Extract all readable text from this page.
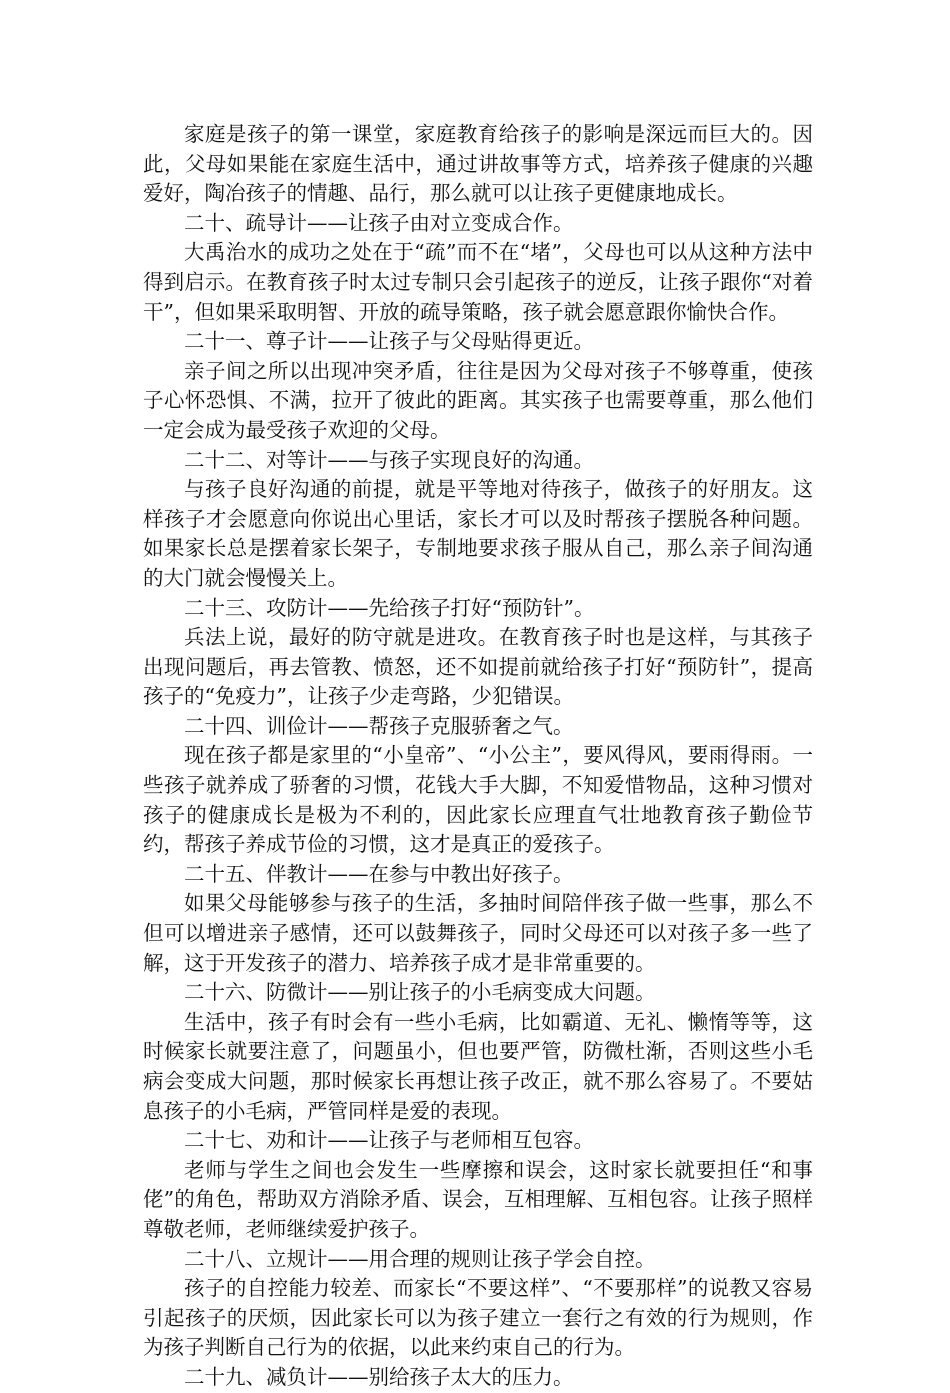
家庭是孩子的第一课堂，家庭教育给孩子的影响是深远而巨大的。因此，父母如果能在家庭生活中，通过讲故事等方式，培养孩子健康的兴趣爱好，陶冶孩子的情趣、品行，那么就可以让孩子更健康地成长。

二十、疏导计——让孩子由对立变成合作。

大禹治水的成功之处在于“疏”而不在“堵”，父母也可以从这种方法中得到启示。在教育孩子时太过专制只会引起孩子的逆反，让孩子跟你“对着干”，但如果采取明智、开放的疏导策略，孩子就会愿意跟你愉快合作。

二十一、尊子计——让孩子与父母贴得更近。

亲子间之所以出现冲突矛盾，往往是因为父母对孩子不够尊重，使孩子心怀恐惧、不满，拉开了彼此的距离。其实孩子也需要尊重，那么他们一定会成为最受孩子欢迎的父母。

二十二、对等计——与孩子实现良好的沟通。

与孩子良好沟通的前提，就是平等地对待孩子，做孩子的好朋友。这样孩子才会愿意向你说出心里话，家长才可以及时帮孩子摆脱各种问题。如果家长总是摆着家长架子，专制地要求孩子服从自己，那么亲子间沟通的大门就会慢慢关上。

二十三、攻防计——先给孩子打好“预防针”。

兵法上说，最好的防守就是进攻。在教育孩子时也是这样，与其孩子出现问题后，再去管教、愤怒，还不如提前就给孩子打好“预防针”，提高孩子的“免疫力”，让孩子少走弯路，少犯错误。

二十四、训俭计——帮孩子克服骄奢之气。

现在孩子都是家里的“小皇帝”、“小公主”，要风得风，要雨得雨。一些孩子就养成了骄奢的习惯，花钱大手大脚，不知爱惜物品，这种习惯对孩子的健康成长是极为不利的，因此家长应理直气壮地教育孩子勤俭节约，帮孩子养成节俭的习惯，这才是真正的爱孩子。

二十五、伴教计——在参与中教出好孩子。

如果父母能够参与孩子的生活，多抽时间陪伴孩子做一些事，那么不但可以增进亲子感情，还可以鼓舞孩子，同时父母还可以对孩子多一些了解，这于开发孩子的潜力、培养孩子成才是非常重要的。

二十六、防微计——别让孩子的小毛病变成大问题。

生活中，孩子有时会有一些小毛病，比如霸道、无礼、懒惰等等，这时候家长就要注意了，问题虽小，但也要严管，防微杜渐，否则这些小毛病会变成大问题，那时候家长再想让孩子改正，就不那么容易了。不要姑息孩子的小毛病，严管同样是爱的表现。

二十七、劝和计——让孩子与老师相互包容。

老师与学生之间也会发生一些摩擦和误会，这时家长就要担任“和事佬”的角色，帮助双方消除矛盾、误会，互相理解、互相包容。让孩子照样尊敬老师，老师继续爱护孩子。

二十八、立规计——用合理的规则让孩子学会自控。

孩子的自控能力较差、而家长“不要这样”、“不要那样”的说教又容易引起孩子的厌烦，因此家长可以为孩子建立一套行之有效的行为规则，作为孩子判断自己行为的依据，以此来约束自己的行为。

二十九、减负计——别给孩子太大的压力。
